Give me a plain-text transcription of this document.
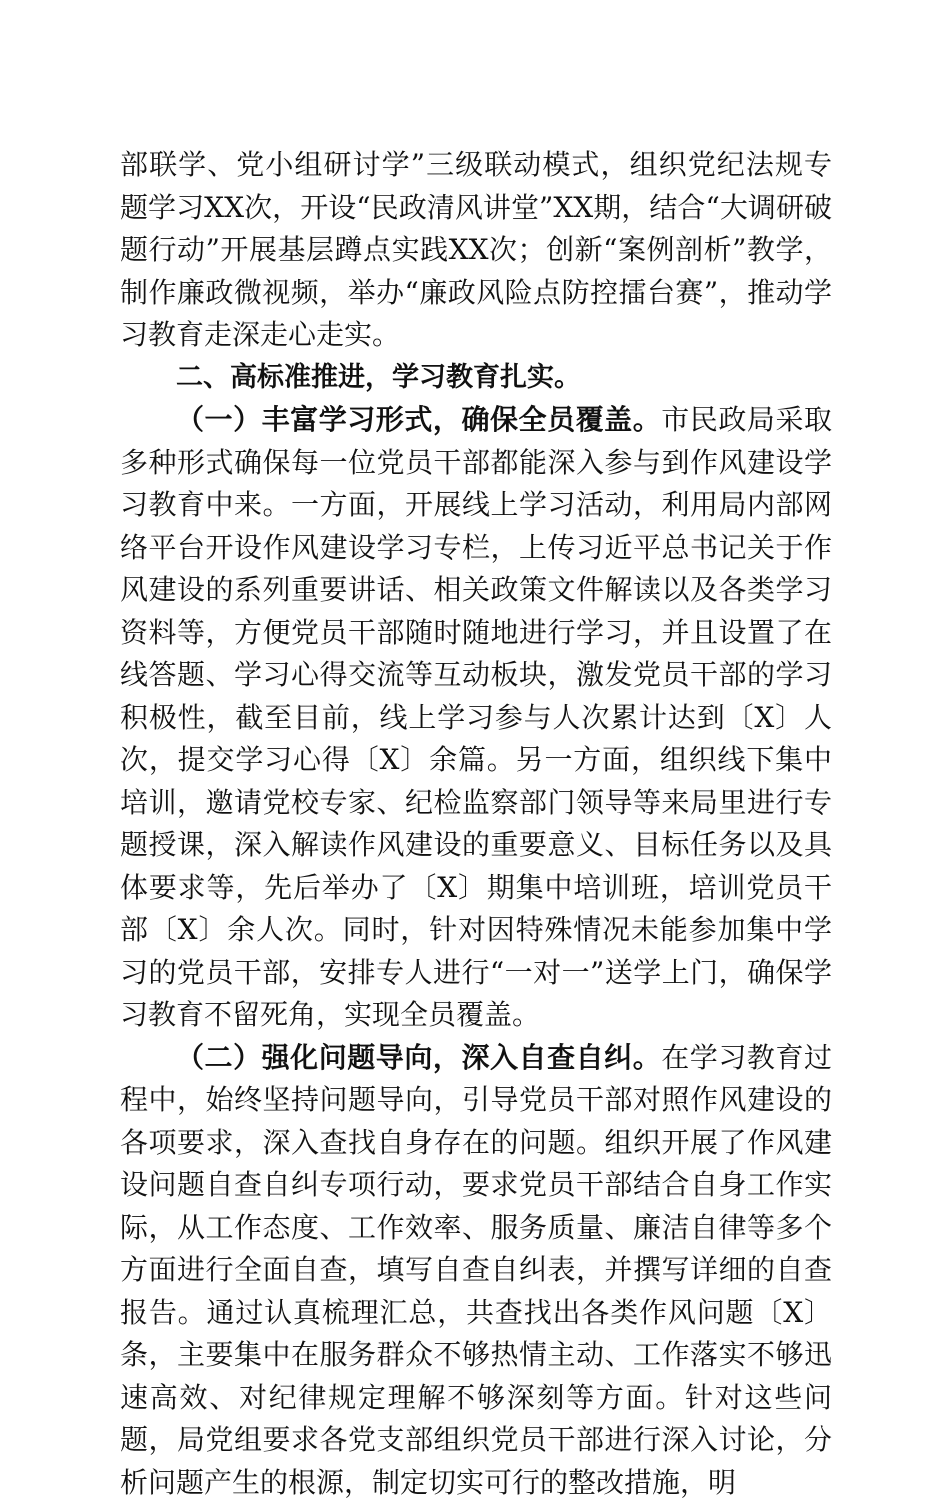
部联学、党小组研讨学”三级联动模式，组织党纪法规专题学习XX次，开设“民政清风讲堂”XX期，结合“大调研破题行动”开展基层蹲点实践XX次；创新“案例剖析”教学，制作廉政微视频，举办“廉政风险点防控擂台赛”，推动学习教育走深走心走实。

二、高标准推进，学习教育扎实。

（一）丰富学习形式，确保全员覆盖。市民政局采取多种形式确保每一位党员干部都能深入参与到作风建设学习教育中来。一方面，开展线上学习活动，利用局内部网络平台开设作风建设学习专栏，上传习近平总书记关于作风建设的系列重要讲话、相关政策文件解读以及各类学习资料等，方便党员干部随时随地进行学习，并且设置了在线答题、学习心得交流等互动板块，激发党员干部的学习积极性，截至目前，线上学习参与人次累计达到〔X〕人次，提交学习心得〔X〕余篇。另一方面，组织线下集中培训，邀请党校专家、纪检监察部门领导等来局里进行专题授课，深入解读作风建设的重要意义、目标任务以及具体要求等，先后举办了〔X〕期集中培训班，培训党员干部〔X〕余人次。同时，针对因特殊情况未能参加集中学习的党员干部，安排专人进行“一对一”送学上门，确保学习教育不留死角，实现全员覆盖。

（二）强化问题导向，深入自查自纠。在学习教育过程中，始终坚持问题导向，引导党员干部对照作风建设的各项要求，深入查找自身存在的问题。组织开展了作风建设问题自查自纠专项行动，要求党员干部结合自身工作实际，从工作态度、工作效率、服务质量、廉洁自律等多个方面进行全面自查，填写自查自纠表，并撰写详细的自查报告。通过认真梳理汇总，共查找出各类作风问题〔X〕条，主要集中在服务群众不够热情主动、工作落实不够迅速高效、对纪律规定理解不够深刻等方面。针对这些问题，局党组要求各党支部组织党员干部进行深入讨论，分析问题产生的根源，制定切实可行的整改措施，明
